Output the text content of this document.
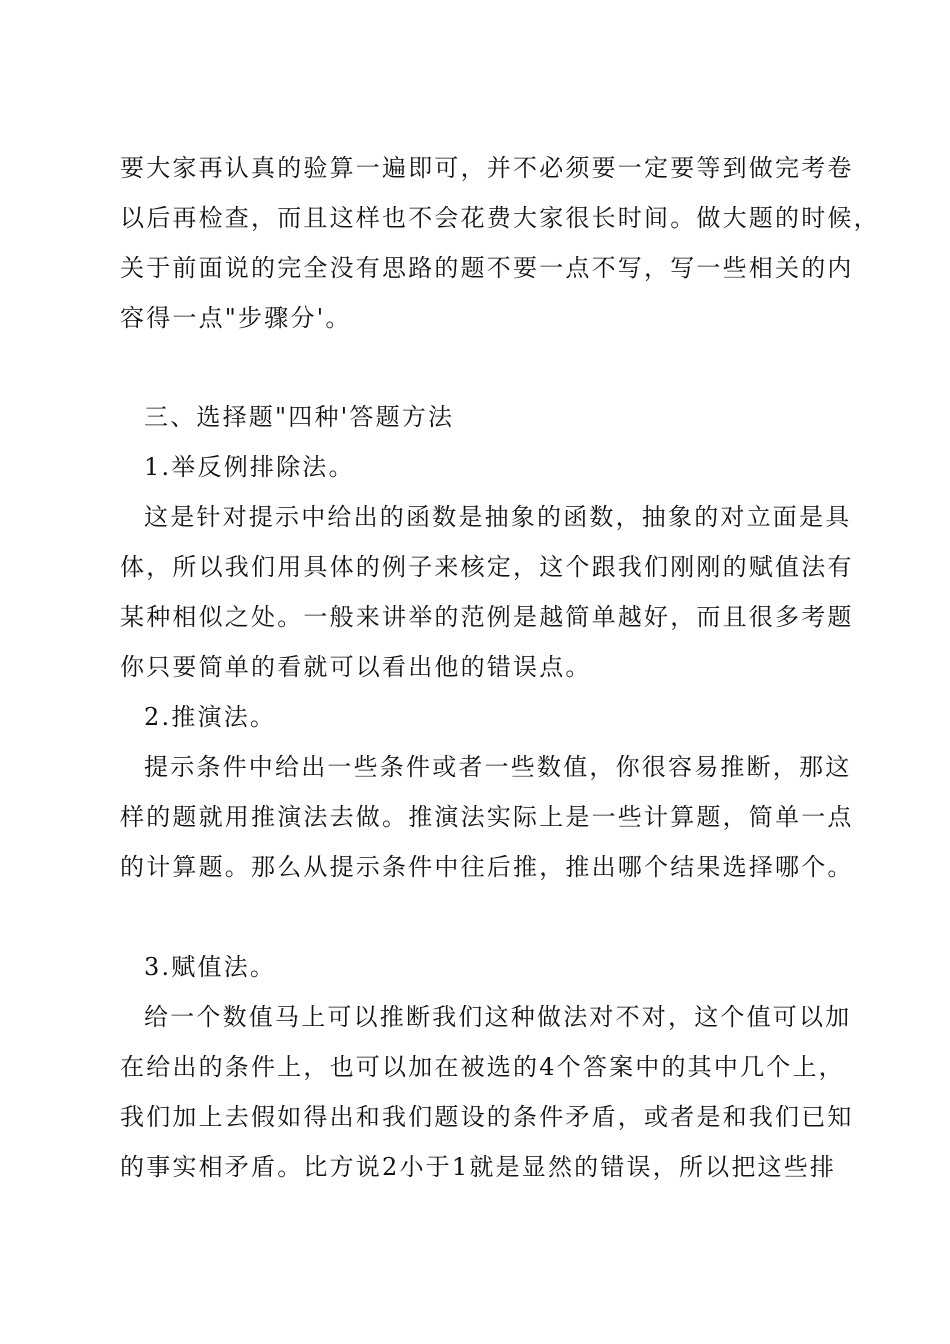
要大家再认真的验算一遍即可，并不必须要一定要等到做完考卷
以后再检查，而且这样也不会花费大家很长时间。做大题的时候，
关于前面说的完全没有思路的题不要一点不写，写一些相关的内
容得一点"步骤分'。
三、选择题"四种'答题方法
1.举反例排除法。
这是针对提示中给出的函数是抽象的函数，抽象的对立面是具
体，所以我们用具体的例子来核定，这个跟我们刚刚的赋值法有
某种相似之处。一般来讲举的范例是越简单越好，而且很多考题
你只要简单的看就可以看出他的错误点。
2.推演法。
提示条件中给出一些条件或者一些数值，你很容易推断，那这
样的题就用推演法去做。推演法实际上是一些计算题，简单一点
的计算题。那么从提示条件中往后推，推出哪个结果选择哪个。
3.赋值法。
给一个数值马上可以推断我们这种做法对不对，这个值可以加
在给出的条件上，也可以加在被选的4个答案中的其中几个上，
我们加上去假如得出和我们题设的条件矛盾，或者是和我们已知
的事实相矛盾。比方说2小于1就是显然的错误，所以把这些排
